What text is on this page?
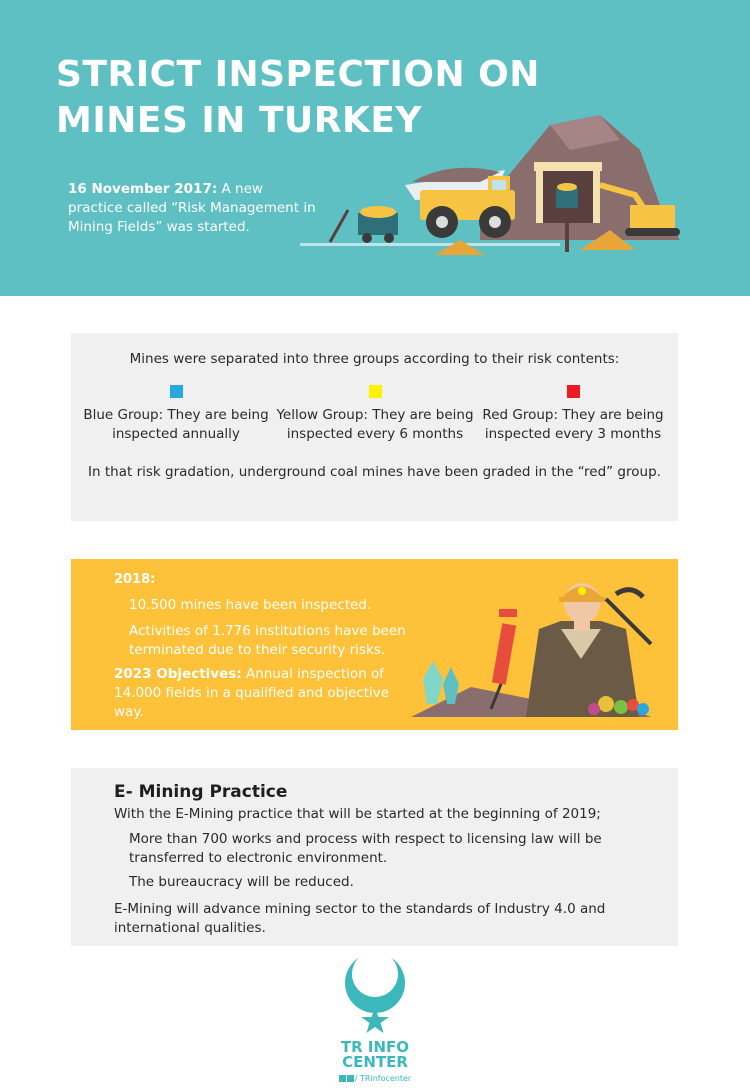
STRICT INSPECTION ON MINES IN TURKEY

16 November 2017: A new practice called “Risk Management in Mining Fields” was started.

Mines were separated into three groups according to their risk contents:

Blue Group: They are being inspected annually
Yellow Group: They are being inspected every 6 months
Red Group: They are being inspected every 3 months

In that risk gradation, underground coal mines have been graded in the “red” group.

2018:

10.500 mines have been inspected.

Activities of 1.776 institutions have been terminated due to their security risks.

2023 Objectives: Annual inspection of 14.000 fields in a qualified and objective way.

E- Mining Practice

With the E-Mining practice that will be started at the beginning of 2019;

More than 700 works and process with respect to licensing law will be transferred to electronic environment.

The bureaucracy will be reduced.

E-Mining will advance mining sector to the standards of Industry 4.0 and international qualities.

TR INFO CENTER
/ TRinfocenter
